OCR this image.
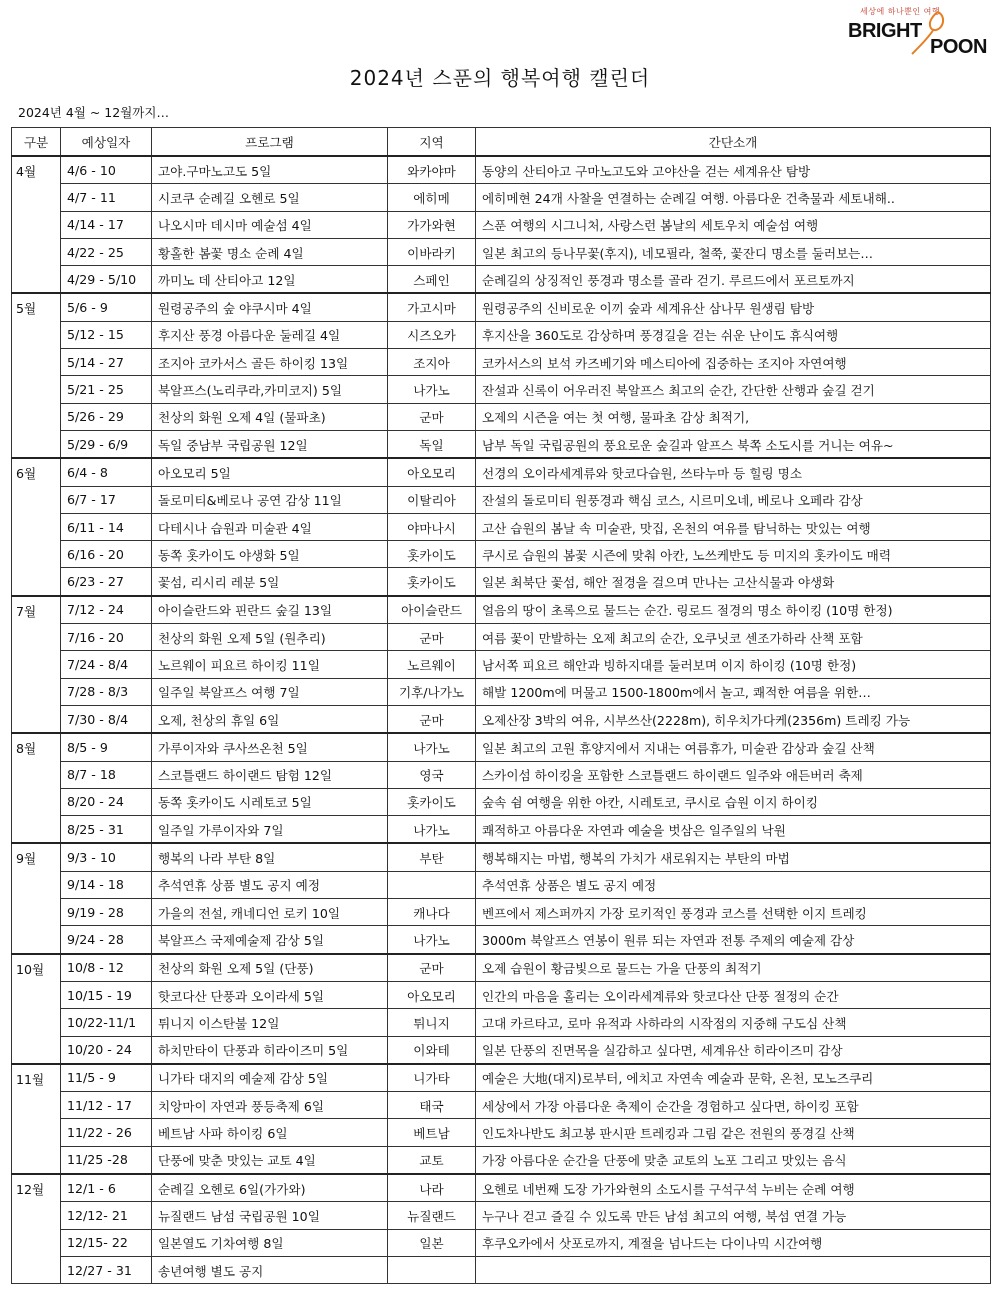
세상에 하나뿐인 여행
BRIGHT
POON
2024년 스푼의 행복여행 캘린더
2024년 4월 ~ 12월까지…
구분	예상일자	프로그램	지역	간단소개
4월	4/6 - 10	고야.구마노고도 5일	와카야마	동양의 산티아고 구마노고도와 고야산을 걷는 세계유산 탐방
	4/7 - 11	시코쿠 순례길 오헨로 5일	에히메	에히메현 24개 사찰을 연결하는 순례길 여행. 아름다운 건축물과 세토내해..
	4/14 - 17	나오시마 데시마 예술섬 4일	가가와현	스푼 여행의 시그니처, 사랑스런 봄날의 세토우치 예술섬 여행
	4/22 - 25	황홀한 봄꽃 명소 순례 4일	이바라키	일본 최고의 등나무꽃(후지), 네모필라, 철쭉, 꽃잔디 명소를 둘러보는…
	4/29 - 5/10	까미노 데 산티아고 12일	스페인	순례길의 상징적인 풍경과 명소를 골라 걷기. 루르드에서 포르토까지
5월	5/6 - 9	원령공주의 숲 야쿠시마 4일	가고시마	원령공주의 신비로운 이끼 숲과 세계유산 삼나무 원생림 탐방
	5/12 - 15	후지산 풍경 아름다운 둘레길 4일	시즈오카	후지산을 360도로 감상하며 풍경길을 걷는 쉬운 난이도 휴식여행
	5/14 - 27	조지아 코카서스 골든 하이킹 13일	조지아	코카서스의 보석 카즈베기와 메스티아에 집중하는 조지아 자연여행
	5/21 - 25	북알프스(노리쿠라,카미코지) 5일	나가노	잔설과 신록이 어우러진 북알프스 최고의 순간, 간단한 산행과 숲길 걷기
	5/26 - 29	천상의 화원 오제 4일 (물파초)	군마	오제의 시즌을 여는 첫 여행, 물파초 감상 최적기,
	5/29 - 6/9	독일 중남부 국립공원 12일	독일	남부 독일 국립공원의 풍요로운 숲길과 알프스 북쪽 소도시를 거니는 여유~
6월	6/4 - 8	아오모리 5일	아오모리	선경의 오이라세계류와 핫코다습원, 쓰타누마 등 힐링 명소
	6/7 - 17	돌로미티&베로나 공연 감상 11일	이탈리아	잔설의 돌로미티 원풍경과 핵심 코스, 시르미오네, 베로나 오페라 감상
	6/11 - 14	다테시나 습원과 미술관 4일	야마나시	고산 습원의 봄날 속 미술관, 맛집, 온천의 여유를 탐닉하는 맛있는 여행
	6/16 - 20	동쪽 홋카이도 야생화 5일	홋카이도	쿠시로 습원의 봄꽃 시즌에 맞춰 아칸, 노쓰케반도 등 미지의 홋카이도 매력
	6/23 - 27	꽃섬, 리시리 레분 5일	홋카이도	일본 최북단 꽃섬, 해안 절경을 걸으며 만나는 고산식물과 야생화
7월	7/12 - 24	아이슬란드와 핀란드 숲길 13일	아이슬란드	얼음의 땅이 초록으로 물드는 순간. 링로드 절경의 명소 하이킹 (10명 한정)
	7/16 - 20	천상의 화원 오제 5일 (원추리)	군마	여름 꽃이 만발하는 오제 최고의 순간, 오쿠닛코 센조가하라 산책 포함
	7/24 - 8/4	노르웨이 피요르 하이킹 11일	노르웨이	남서쪽 피요르 해안과 빙하지대를 둘러보며 이지 하이킹 (10명 한정)
	7/28 - 8/3	일주일 북알프스 여행 7일	기후/나가노	해발 1200m에 머물고 1500-1800m에서 놀고, 쾌적한 여름을 위한…
	7/30 - 8/4	오제, 천상의 휴일 6일	군마	오제산장 3박의 여유, 시부쓰산(2228m), 히우치가다케(2356m) 트레킹 가능
8월	8/5 - 9	가루이자와 쿠사쓰온천 5일	나가노	일본 최고의 고원 휴양지에서 지내는 여름휴가, 미술관 감상과 숲길 산책
	8/7 - 18	스코틀랜드 하이랜드 탐험 12일	영국	스카이섬 하이킹을 포함한 스코틀랜드 하이랜드 일주와 애든버러 축제
	8/20 - 24	동쪽 홋카이도 시레토코 5일	홋카이도	숲속 쉼 여행을 위한 아칸, 시레토코, 쿠시로 습원 이지 하이킹
	8/25 - 31	일주일 가루이자와 7일	나가노	쾌적하고 아름다운 자연과 예술을 벗삼은 일주일의 낙원
9월	9/3 - 10	행복의 나라 부탄 8일	부탄	행복해지는 마법, 행복의 가치가 새로워지는 부탄의 마법
	9/14 - 18	추석연휴 상품 별도 공지 예정		추석연휴 상품은 별도 공지 예정
	9/19 - 28	가을의 전설, 캐네디언 로키 10일	캐나다	벤프에서 제스퍼까지 가장 로키적인 풍경과 코스를 선택한 이지 트레킹
	9/24 - 28	북알프스 국제예술제 감상 5일	나가노	3000m 북알프스 연봉이 원류 되는 자연과 전통 주제의 예술제 감상
10월	10/8 - 12	천상의 화원 오제 5일 (단풍)	군마	오제 습원이 황금빛으로 물드는 가을 단풍의 최적기
	10/15 - 19	핫코다산 단풍과 오이라세 5일	아오모리	인간의 마음을 홀리는 오이라세계류와 핫코다산 단풍 절정의 순간
	10/22-11/1	튀니지 이스탄불 12일	튀니지	고대 카르타고, 로마 유적과 사하라의 시작점의 지중해 구도심 산책
	10/20 - 24	하치만타이 단풍과 히라이즈미 5일	이와테	일본 단풍의 진면목을 실감하고 싶다면, 세계유산 히라이즈미 감상
11월	11/5 - 9	니가타 대지의 예술제 감상 5일	니가타	예술은 大地(대지)로부터, 에치고 자연속 예술과 문학, 온천, 모노즈쿠리
	11/12 - 17	치앙마이 자연과 풍등축제 6일	태국	세상에서 가장 아름다운 축제이 순간을 경험하고 싶다면, 하이킹 포함
	11/22 - 26	베트남 사파 하이킹 6일	베트남	인도차나반도 최고봉 판시판 트레킹과 그림 같은 전원의 풍경길 산책
	11/25 -28	단풍에 맞춘 맛있는 교토 4일	교토	가장 아름다운 순간을 단풍에 맞춘 교토의 노포 그리고 맛있는 음식
12월	12/1 - 6	순례길 오헨로 6일(가가와)	나라	오헨로 네번째 도장 가가와현의 소도시를 구석구석 누비는 순례 여행
	12/12- 21	뉴질랜드 남섬 국립공원 10일	뉴질랜드	누구나 걷고 즐길 수 있도록 만든 남섬 최고의 여행, 북섬 연결 가능
	12/15- 22	일본열도 기차여행 8일	일본	후쿠오카에서 삿포로까지, 계절을 넘나드는 다이나믹 시간여행
	12/27 - 31	송년여행 별도 공지		
